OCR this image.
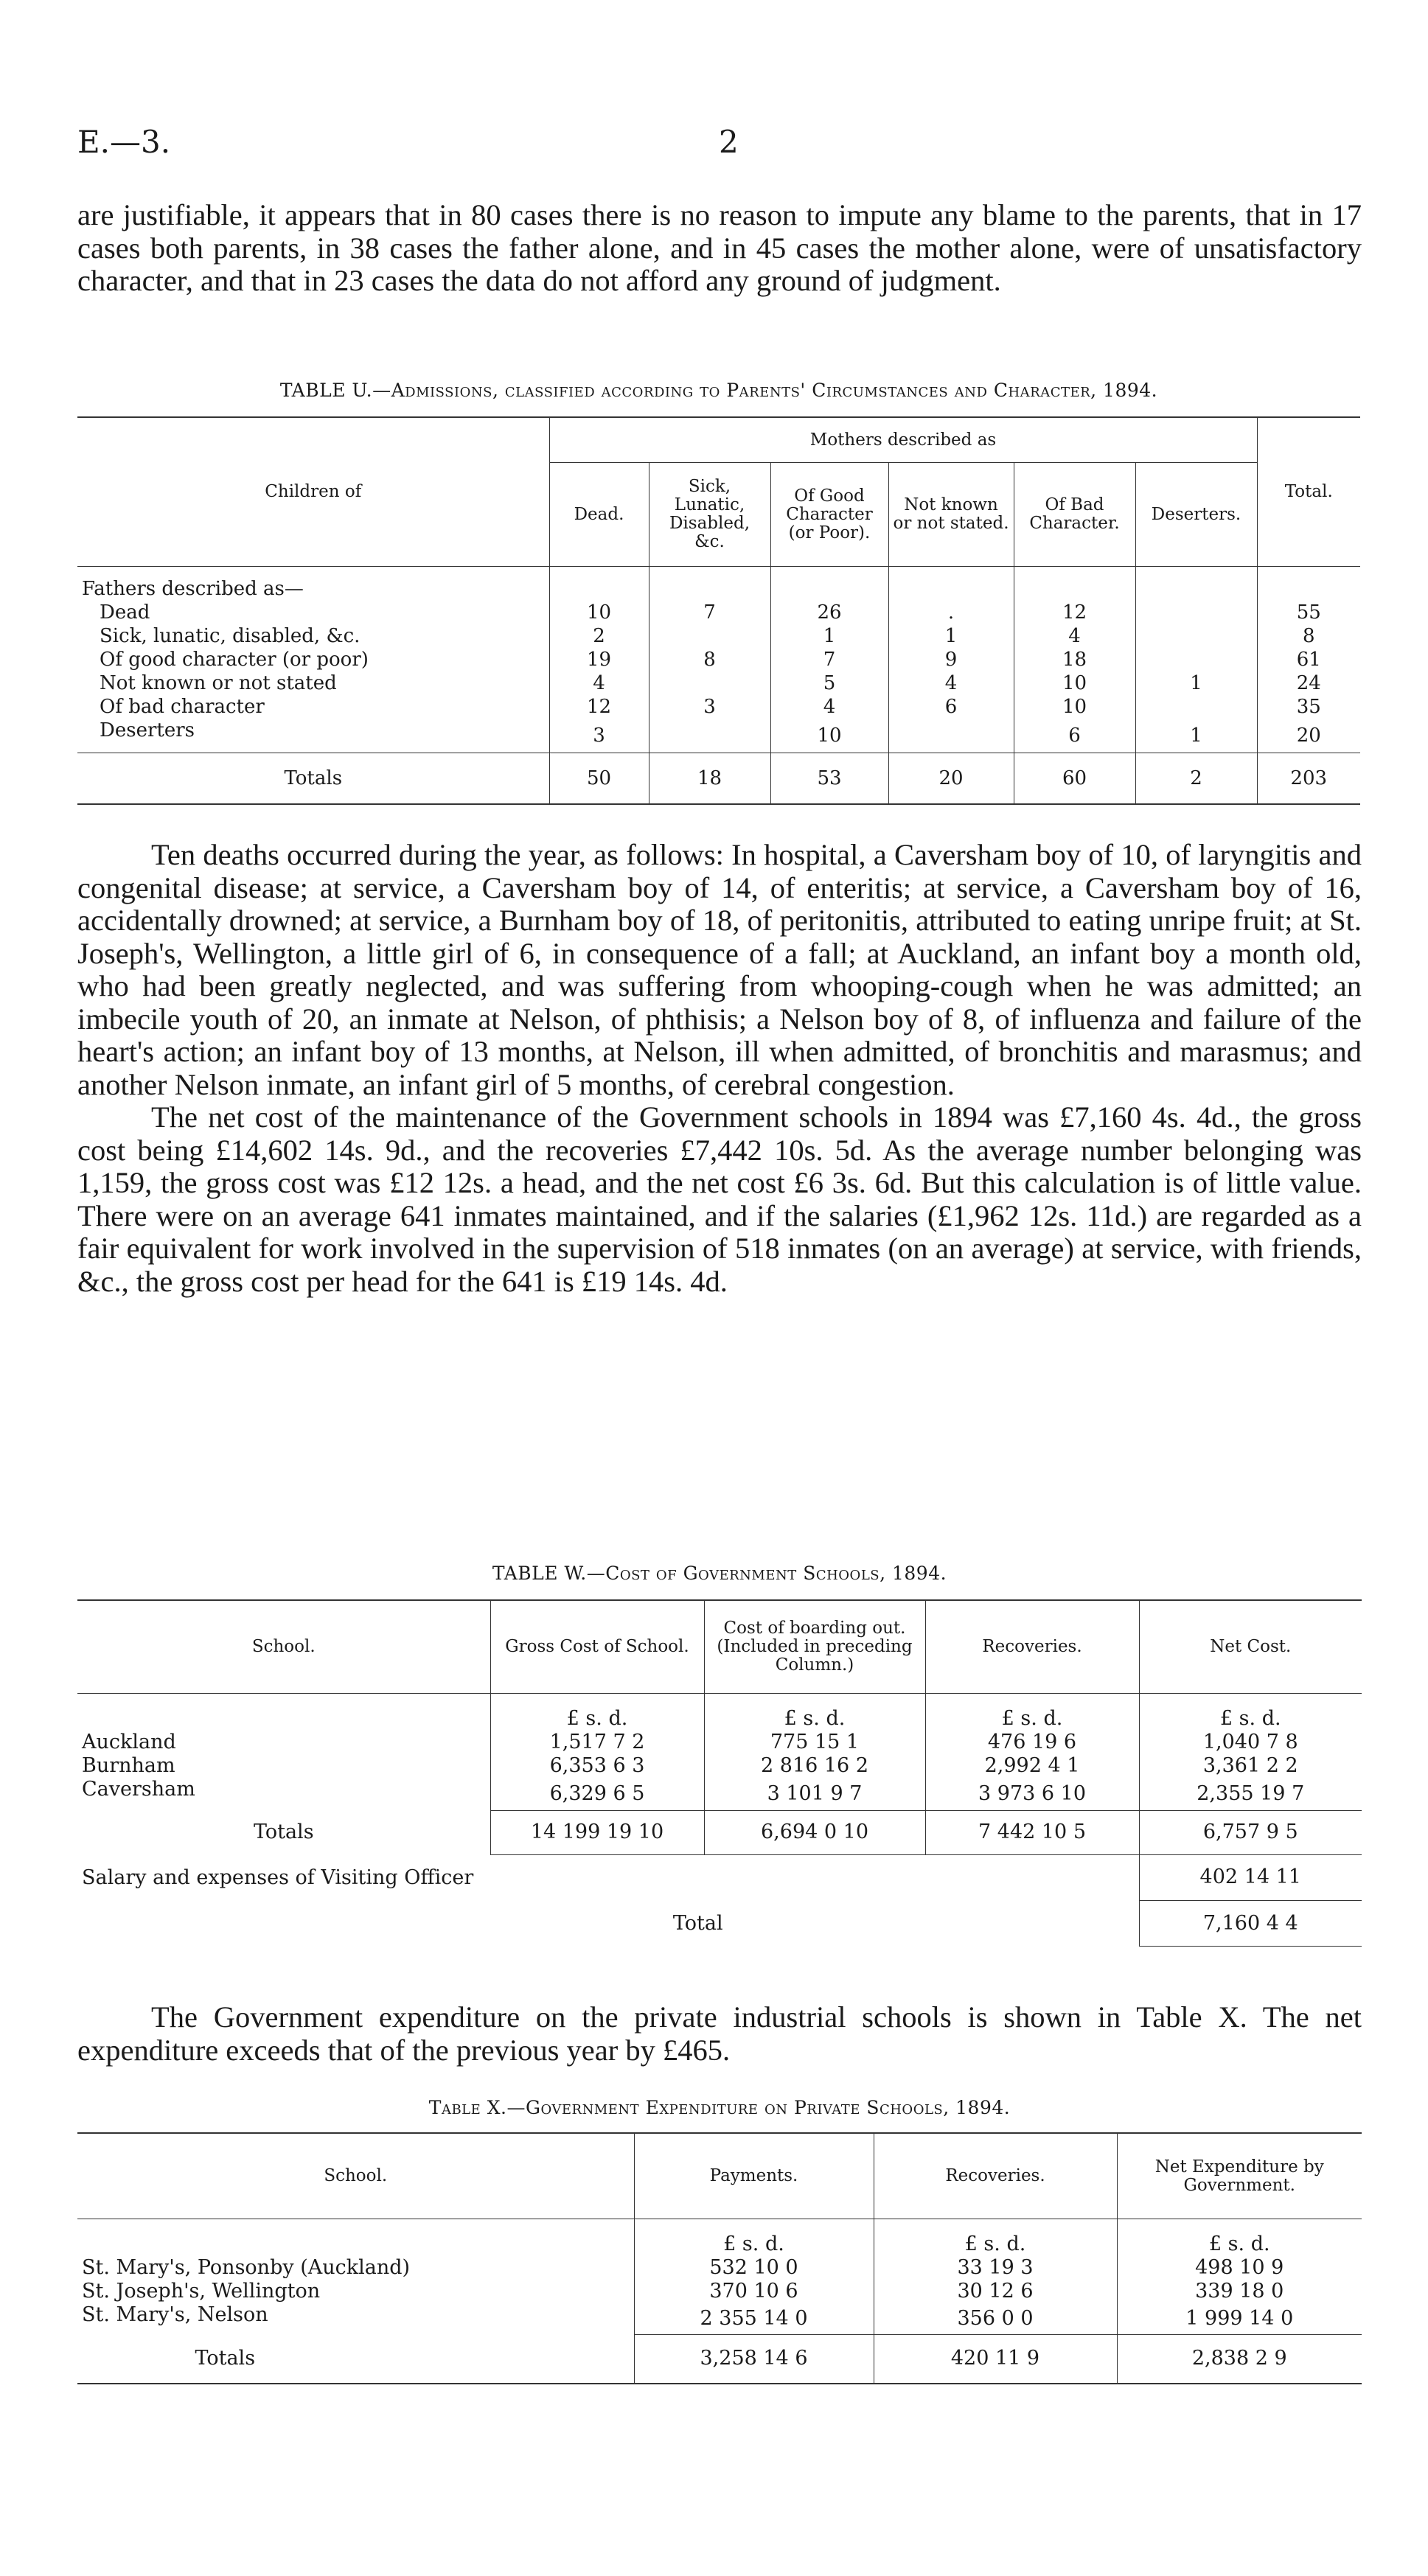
E.—3.	2

are justifiable, it appears that in 80 cases there is no reason to impute any blame to the parents, that in 17 cases both parents, in 38 cases the father alone, and in 45 cases the mother alone, were of unsatisfactory character, and that in 23 cases the data do not afford any ground of judgment.

TABLE U.—Admissions, classified according to Parents' Circumstances and Character, 1894.
Children of	Mothers described as						Total.
	Dead.	Sick, Lunatic, Disabled, &c.	Of Good Character (or Poor).	Not known or not stated.	Of Bad Character.	Deserters.	
Fathers described as—							
Dead	10	7	26	.	12		55
Sick, lunatic, disabled, &c.	2		1	1	4		8
Of good character (or poor)	19	8	7	9	18		61
Not known or not stated	4		5	4	10	1	24
Of bad character	12	3	4	6	10		35
Deserters	3		10		6	1	20
Totals	50	18	53	20	60	2	203

Ten deaths occurred during the year, as follows: In hospital, a Caversham boy of 10, of laryngitis and congenital disease; at service, a Caversham boy of 14, of enteritis; at service, a Caversham boy of 16, accidentally drowned; at service, a Burnham boy of 18, of peritonitis, attributed to eating unripe fruit; at St. Joseph's, Wellington, a little girl of 6, in consequence of a fall; at Auckland, an infant boy a month old, who had been greatly neglected, and was suffering from whooping-cough when he was admitted; an imbecile youth of 20, an inmate at Nelson, of phthisis; a Nelson boy of 8, of influenza and failure of the heart's action; an infant boy of 13 months, at Nelson, ill when admitted, of bronchitis and marasmus; and another Nelson inmate, an infant girl of 5 months, of cerebral congestion.

The net cost of the maintenance of the Government schools in 1894 was £7,160 4s. 4d., the gross cost being £14,602 14s. 9d., and the recoveries £7,442 10s. 5d. As the average number belonging was 1,159, the gross cost was £12 12s. a head, and the net cost £6 3s. 6d. But this calculation is of little value. There were on an average 641 inmates maintained, and if the salaries (£1,962 12s. 11d.) are regarded as a fair equivalent for work involved in the supervision of 518 inmates (on an average) at service, with friends, &c., the gross cost per head for the 641 is £19 14s. 4d.

TABLE W.—Cost of Government Schools, 1894.
School.	Gross Cost of School.	Cost of boarding out. (Included in preceding Column.)	Recoveries.	Net Cost.
	£ s. d.	£ s. d.	£ s. d.	£ s. d.
Auckland	1,517 7 2	775 15 1	476 19 6	1,040 7 8
Burnham	6,353 6 3	2 816 16 2	2,992 4 1	3,361 2 2
Caversham	6,329 6 5	3 101 9 7	3 973 6 10	2,355 19 7
Totals	14 199 19 10	6,694 0 10	7 442 10 5	6,757 9 5
Salary and expenses of Visiting Officer				402 14 11
Total				7,160 4 4

The Government expenditure on the private industrial schools is shown in Table X. The net expenditure exceeds that of the previous year by £465.

Table X.—Government Expenditure on Private Schools, 1894.
School.	Payments.	Recoveries.	Net Expenditure by Government.
	£ s. d.	£ s. d.	£ s. d.
St. Mary's, Ponsonby (Auckland)	532 10 0	33 19 3	498 10 9
St. Joseph's, Wellington	370 10 6	30 12 6	339 18 0
St. Mary's, Nelson	2 355 14 0	356 0 0	1 999 14 0
Totals	3,258 14 6	420 11 9	2,838 2 9
